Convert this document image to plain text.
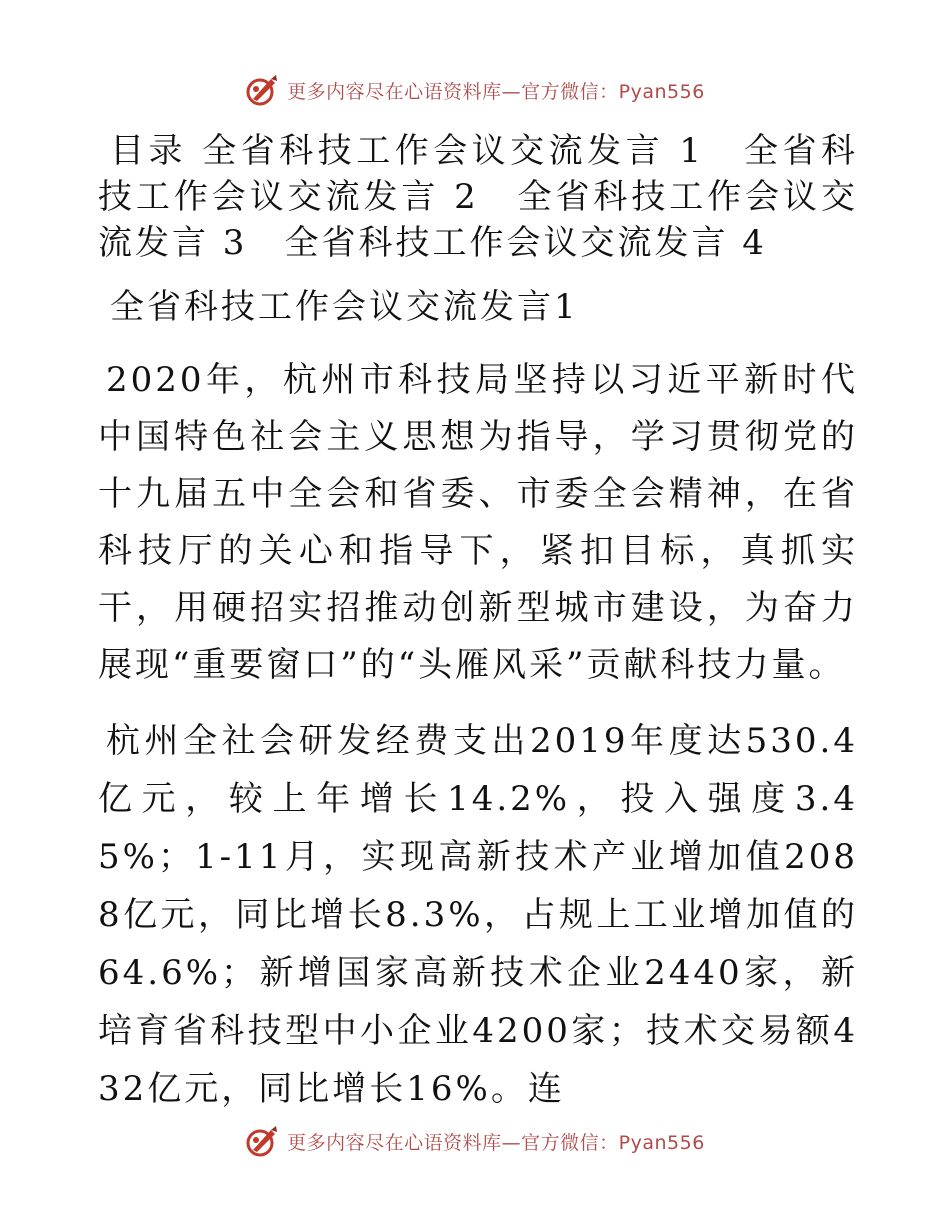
更多内容尽在心语资料库—官方微信：Pyan556

目录 全省科技工作会议交流发言 1　全省科技工作会议交流发言 2　全省科技工作会议交流发言 3　全省科技工作会议交流发言 4

全省科技工作会议交流发言1

2020年，杭州市科技局坚持以习近平新时代中国特色社会主义思想为指导，学习贯彻党的十九届五中全会和省委、市委全会精神，在省科技厅的关心和指导下，紧扣目标，真抓实干，用硬招实招推动创新型城市建设，为奋力展现“重要窗口”的“头雁风采”贡献科技力量。

杭州全社会研发经费支出2019年度达530.4亿元，较上年增长14.2%，投入强度3.45%；1-11月，实现高新技术产业增加值2088亿元，同比增长8.3%，占规上工业增加值的64.6%；新增国家高新技术企业2440家，新培育省科技型中小企业4200家；技术交易额432亿元，同比增长16%。连

更多内容尽在心语资料库—官方微信：Pyan556
